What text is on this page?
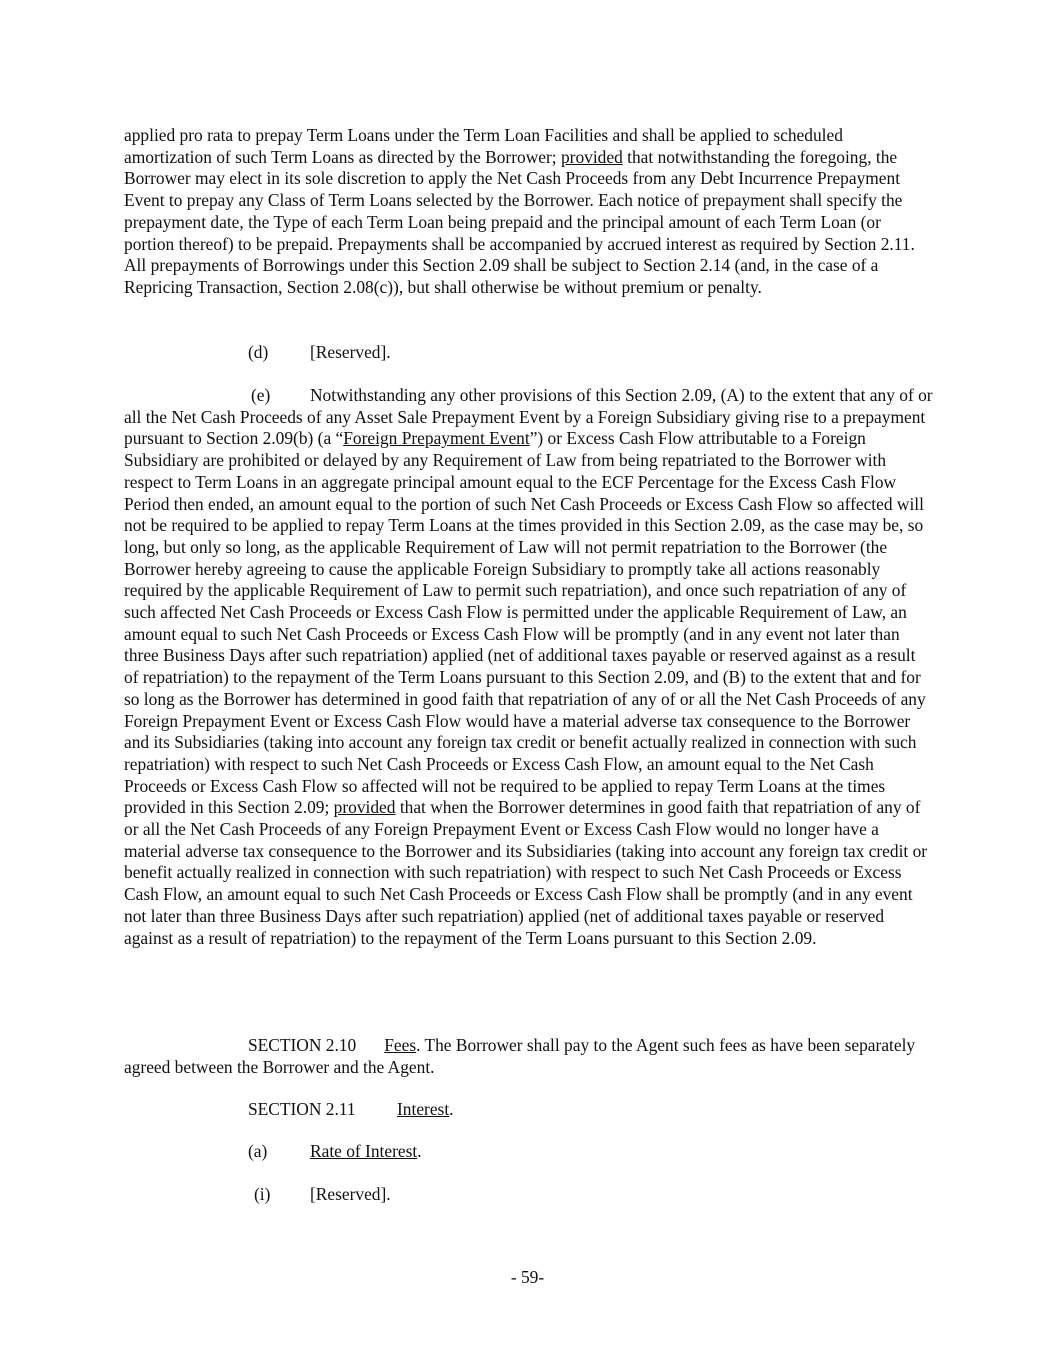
applied pro rata to prepay Term Loans under the Term Loan Facilities and shall be applied to scheduled amortization of such Term Loans as directed by the Borrower; provided that notwithstanding the foregoing, the Borrower may elect in its sole discretion to apply the Net Cash Proceeds from any Debt Incurrence Prepayment Event to prepay any Class of Term Loans selected by the Borrower. Each notice of prepayment shall specify the prepayment date, the Type of each Term Loan being prepaid and the principal amount of each Term Loan (or portion thereof) to be prepaid. Prepayments shall be accompanied by accrued interest as required by Section 2.11. All prepayments of Borrowings under this Section 2.09 shall be subject to Section 2.14 (and, in the case of a Repricing Transaction, Section 2.08(c)), but shall otherwise be without premium or penalty.

(d) [Reserved].
(e)	Notwithstanding any other provisions of this Section 2.09, (A) to the extent that any of or all the Net Cash Proceeds of any Asset Sale Prepayment Event by a Foreign Subsidiary giving rise to a prepayment pursuant to Section 2.09(b) (a “Foreign Prepayment Event”) or Excess Cash Flow attributable to a Foreign Subsidiary are prohibited or delayed by any Requirement of Law from being repatriated to the Borrower with respect to Term Loans in an aggregate principal amount equal to the ECF Percentage for the Excess Cash Flow Period then ended, an amount equal to the portion of such Net Cash Proceeds or Excess Cash Flow so affected will not be required to be applied to repay Term Loans at the times provided in this Section 2.09, as the case may be, so long, but only so long, as the applicable Requirement of Law will not permit repatriation to the Borrower (the Borrower hereby agreeing to cause the applicable Foreign Subsidiary to promptly take all actions reasonably required by the applicable Requirement of Law to permit such repatriation), and once such repatriation of any of such affected Net Cash Proceeds or Excess Cash Flow is permitted under the applicable Requirement of Law, an amount equal to such Net Cash Proceeds or Excess Cash Flow will be promptly (and in any event not later than three Business Days after such repatriation) applied (net of additional taxes payable or reserved against as a result of repatriation) to the repayment of the Term Loans pursuant to this Section 2.09, and (B) to the extent that and for so long as the Borrower has determined in good faith that repatriation of any of or all the Net Cash Proceeds of any Foreign Prepayment Event or Excess Cash Flow would have a material adverse tax consequence to the Borrower and its Subsidiaries (taking into account any foreign tax credit or benefit actually realized in connection with such repatriation) with respect to such Net Cash Proceeds or Excess Cash Flow, an amount equal to the Net Cash Proceeds or Excess Cash Flow so affected will not be required to be applied to repay Term Loans at the times provided in this Section 2.09; provided that when the Borrower determines in good faith that repatriation of any of or all the Net Cash Proceeds of any Foreign Prepayment Event or Excess Cash Flow would no longer have a material adverse tax consequence to the Borrower and its Subsidiaries (taking into account any foreign tax credit or benefit actually realized in connection with such repatriation) with respect to such Net Cash Proceeds or Excess Cash Flow, an amount equal to such Net Cash Proceeds or Excess Cash Flow shall be promptly (and in any event not later than three Business Days after such repatriation) applied (net of additional taxes payable or reserved against as a result of repatriation) to the repayment of the Term Loans pursuant to this Section 2.09.

SECTION 2.10 Fees. The Borrower shall pay to the Agent such fees as have been separately agreed between the Borrower and the Agent.

SECTION 2.11 Interest.
(a) Rate of Interest.
(i) [Reserved].
- 59-
